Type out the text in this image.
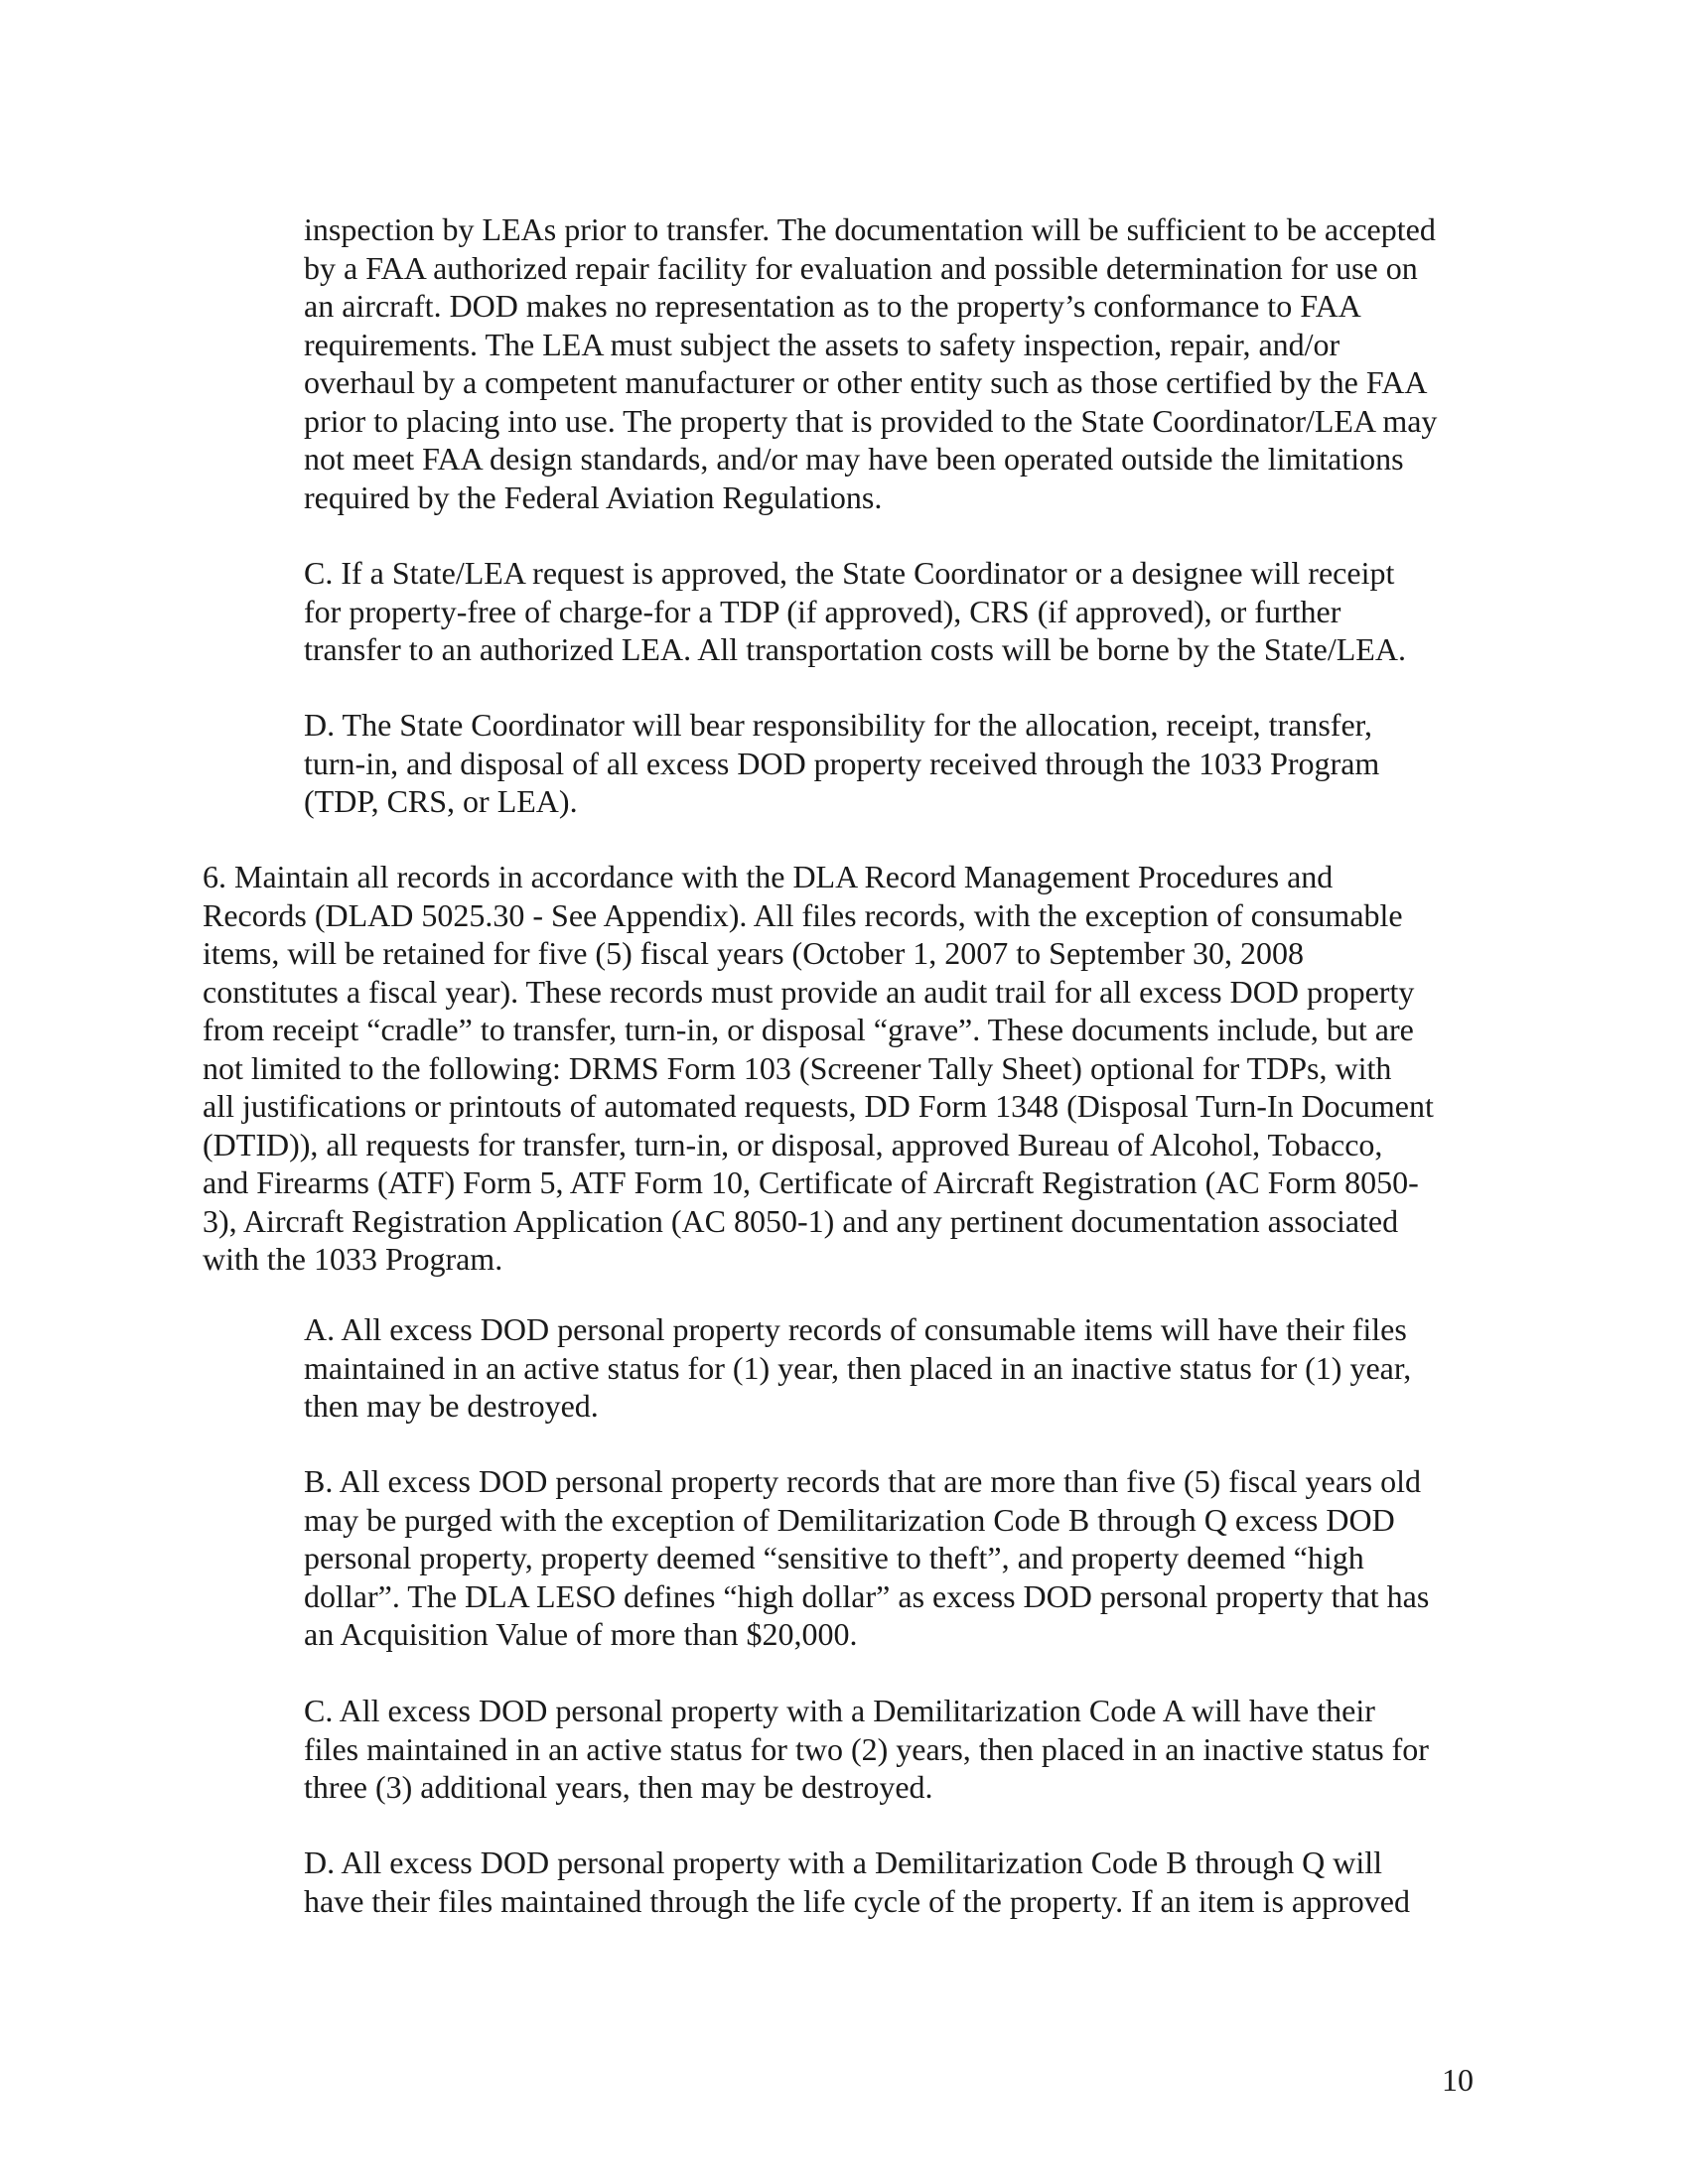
inspection by LEAs prior to transfer. The documentation will be sufficient to be accepted
by a FAA authorized repair facility for evaluation and possible determination for use on
an aircraft. DOD makes no representation as to the property’s conformance to FAA
requirements. The LEA must subject the assets to safety inspection, repair, and/or
overhaul by a competent manufacturer or other entity such as those certified by the FAA
prior to placing into use. The property that is provided to the State Coordinator/LEA may
not meet FAA design standards, and/or may have been operated outside the limitations
required by the Federal Aviation Regulations.

C. If a State/LEA request is approved, the State Coordinator or a designee will receipt
for property-free of charge-for a TDP (if approved), CRS (if approved), or further
transfer to an authorized LEA. All transportation costs will be borne by the State/LEA.

D. The State Coordinator will bear responsibility for the allocation, receipt, transfer,
turn-in, and disposal of all excess DOD property received through the 1033 Program
(TDP, CRS, or LEA).

6. Maintain all records in accordance with the DLA Record Management Procedures and
Records (DLAD 5025.30 - See Appendix). All files records, with the exception of consumable
items, will be retained for five (5) fiscal years (October 1, 2007 to September 30, 2008
constitutes a fiscal year). These records must provide an audit trail for all excess DOD property
from receipt “cradle” to transfer, turn-in, or disposal “grave”. These documents include, but are
not limited to the following: DRMS Form 103 (Screener Tally Sheet) optional for TDPs, with
all justifications or printouts of automated requests, DD Form 1348 (Disposal Turn-In Document
(DTID)), all requests for transfer, turn-in, or disposal, approved Bureau of Alcohol, Tobacco,
and Firearms (ATF) Form 5, ATF Form 10, Certificate of Aircraft Registration (AC Form 8050-
3), Aircraft Registration Application (AC 8050-1) and any pertinent documentation associated
with the 1033 Program.

A. All excess DOD personal property records of consumable items will have their files
maintained in an active status for (1) year, then placed in an inactive status for (1) year,
then may be destroyed.

B. All excess DOD personal property records that are more than five (5) fiscal years old
may be purged with the exception of Demilitarization Code B through Q excess DOD
personal property, property deemed “sensitive to theft”, and property deemed “high
dollar”. The DLA LESO defines “high dollar” as excess DOD personal property that has
an Acquisition Value of more than $20,000.

C. All excess DOD personal property with a Demilitarization Code A will have their
files maintained in an active status for two (2) years, then placed in an inactive status for
three (3) additional years, then may be destroyed.

D. All excess DOD personal property with a Demilitarization Code B through Q will
have their files maintained through the life cycle of the property. If an item is approved

10
